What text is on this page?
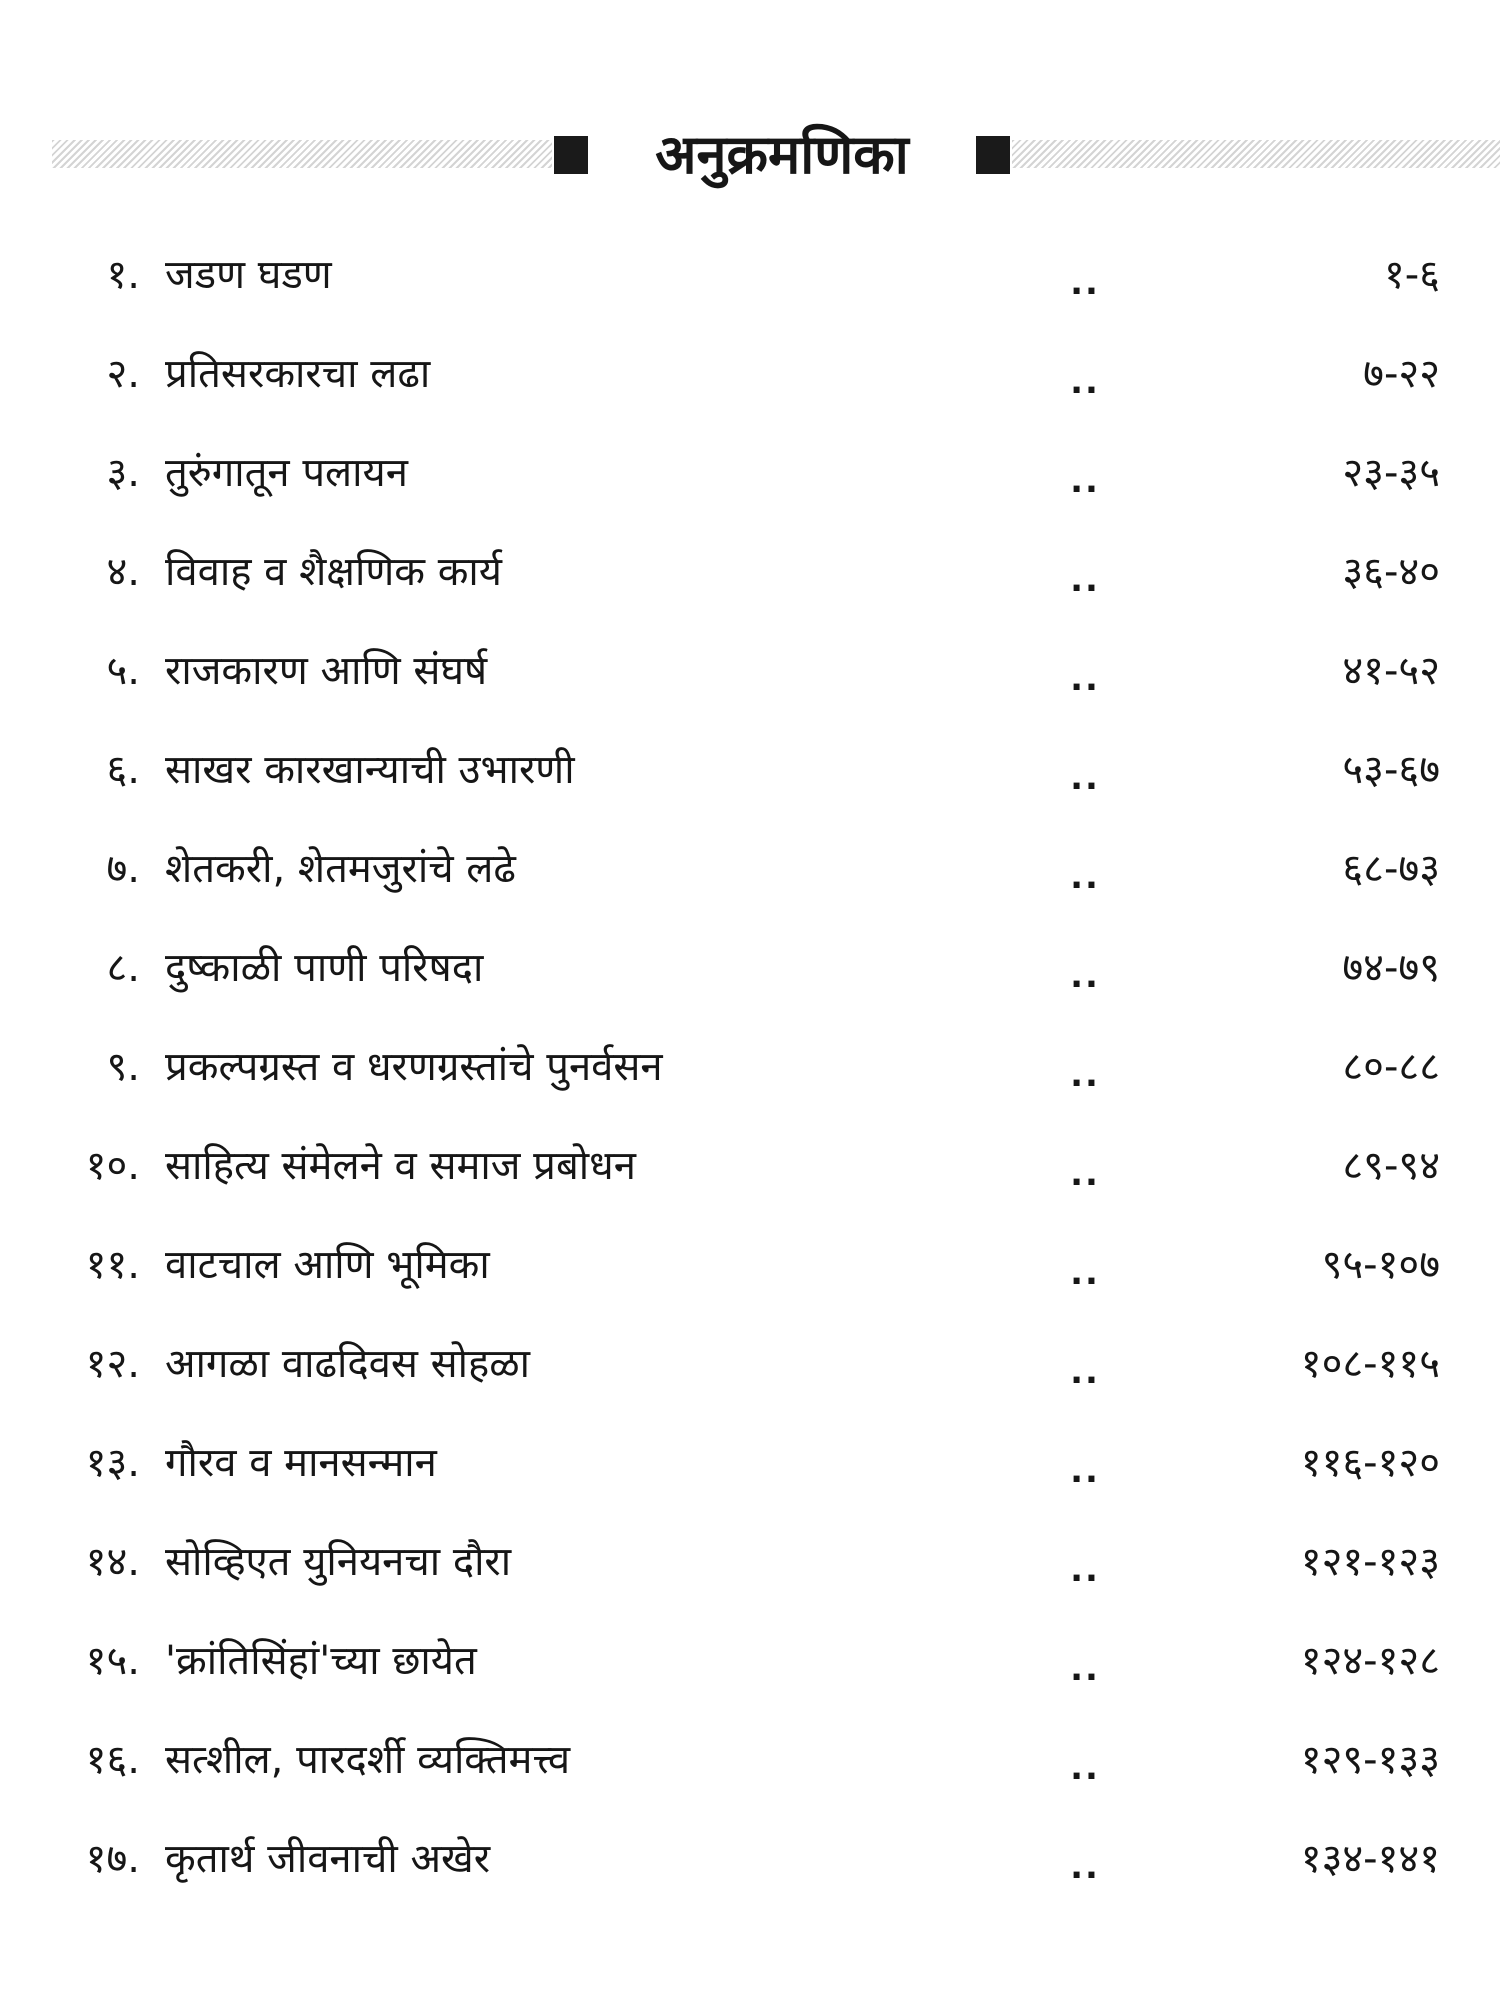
अनुक्रमणिका
१. जडण घडण	..	१-६
२. प्रतिसरकारचा लढा	..	७-२२
३. तुरुंगातून पलायन	..	२३-३५
४. विवाह व शैक्षणिक कार्य	..	३६-४०
५. राजकारण आणि संघर्ष	..	४१-५२
६. साखर कारखान्याची उभारणी	..	५३-६७
७. शेतकरी, शेतमजुरांचे लढे	..	६८-७३
८. दुष्काळी पाणी परिषदा	..	७४-७९
९. प्रकल्पग्रस्त व धरणग्रस्तांचे पुनर्वसन	..	८०-८८
१०. साहित्य संमेलने व समाज प्रबोधन	..	८९-९४
११. वाटचाल आणि भूमिका	..	९५-१०७
१२. आगळा वाढदिवस सोहळा	..	१०८-११५
१३. गौरव व मानसन्मान	..	११६-१२०
१४. सोव्हिएत युनियनचा दौरा	..	१२१-१२३
१५. 'क्रांतिसिंहां'च्या छायेत	..	१२४-१२८
१६. सत्शील, पारदर्शी व्यक्तिमत्त्व	..	१२९-१३३
१७. कृतार्थ जीवनाची अखेर	..	१३४-१४१
